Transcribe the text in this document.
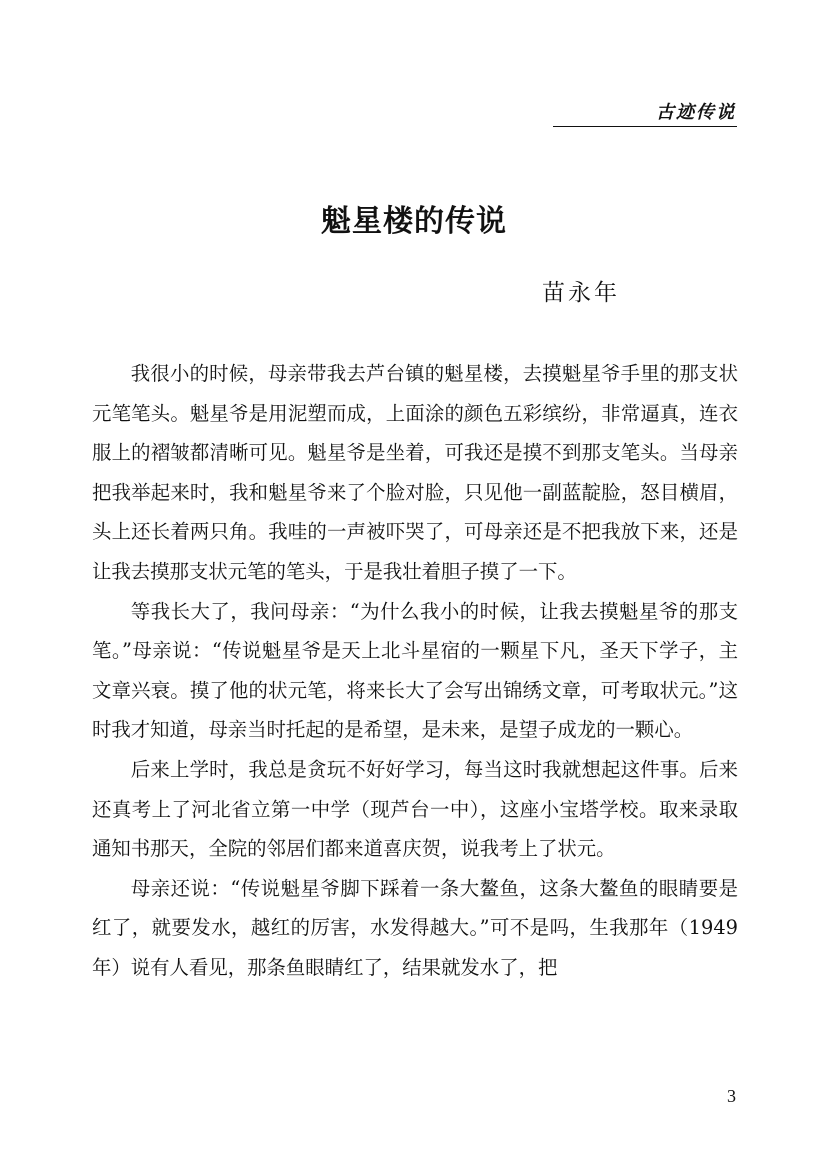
古迹传说
魁星楼的传说
苗永年

我很小的时候，母亲带我去芦台镇的魁星楼，去摸魁星爷手里的那支状元笔笔头。魁星爷是用泥塑而成，上面涂的颜色五彩缤纷，非常逼真，连衣服上的褶皱都清晰可见。魁星爷是坐着，可我还是摸不到那支笔头。当母亲把我举起来时，我和魁星爷来了个脸对脸，只见他一副蓝靛脸，怒目横眉，头上还长着两只角。我哇的一声被吓哭了，可母亲还是不把我放下来，还是让我去摸那支状元笔的笔头，于是我壮着胆子摸了一下。

等我长大了，我问母亲：“为什么我小的时候，让我去摸魁星爷的那支笔。”母亲说：“传说魁星爷是天上北斗星宿的一颗星下凡，圣天下学子，主文章兴衰。摸了他的状元笔，将来长大了会写出锦绣文章，可考取状元。”这时我才知道，母亲当时托起的是希望，是未来，是望子成龙的一颗心。

后来上学时，我总是贪玩不好好学习，每当这时我就想起这件事。后来还真考上了河北省立第一中学（现芦台一中），这座小宝塔学校。取来录取通知书那天，全院的邻居们都来道喜庆贺，说我考上了状元。

母亲还说：“传说魁星爷脚下踩着一条大鳌鱼，这条大鳌鱼的眼睛要是红了，就要发水，越红的厉害，水发得越大。”可不是吗，生我那年（1949 年）说有人看见，那条鱼眼睛红了，结果就发水了，把

3
